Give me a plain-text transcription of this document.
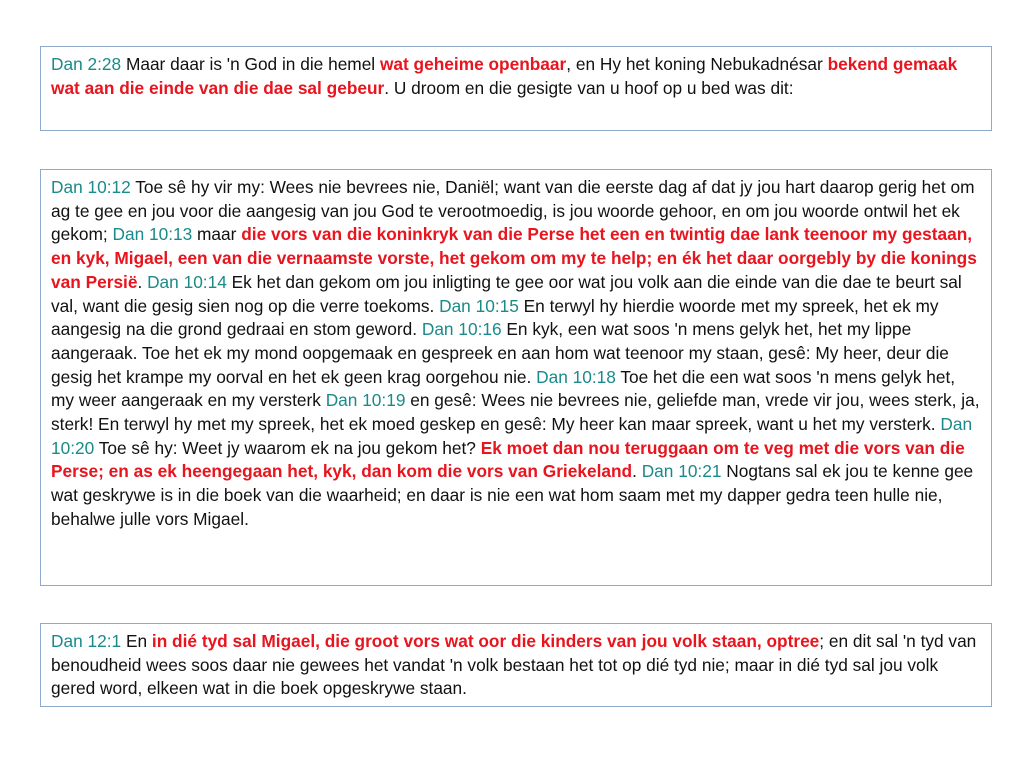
Dan 2:28 Maar daar is 'n God in die hemel wat geheime openbaar, en Hy het koning Nebukadnésar bekend gemaak wat aan die einde van die dae sal gebeur. U droom en die gesigte van u hoof op u bed was dit:
Dan 10:12 Toe sê hy vir my: Wees nie bevrees nie, Daniël; want van die eerste dag af dat jy jou hart daarop gerig het om ag te gee en jou voor die aangesig van jou God te verootmoedig, is jou woorde gehoor, en om jou woorde ontwil het ek gekom; Dan 10:13 maar die vors van die koninkryk van die Perse het een en twintig dae lank teenoor my gestaan, en kyk, Migael, een van die vernaamste vorste, het gekom om my te help; en ék het daar oorgebly by die konings van Persië. Dan 10:14 Ek het dan gekom om jou inligting te gee oor wat jou volk aan die einde van die dae te beurt sal val, want die gesig sien nog op die verre toekoms. Dan 10:15 En terwyl hy hierdie woorde met my spreek, het ek my aangesig na die grond gedraai en stom geword. Dan 10:16 En kyk, een wat soos 'n mens gelyk het, het my lippe aangeraak. Toe het ek my mond oopgemaak en gespreek en aan hom wat teenoor my staan, gesê: My heer, deur die gesig het krampe my oorval en het ek geen krag oorgehou nie. Dan 10:18 Toe het die een wat soos 'n mens gelyk het, my weer aangeraak en my versterk Dan 10:19 en gesê: Wees nie bevrees nie, geliefde man, vrede vir jou, wees sterk, ja, sterk! En terwyl hy met my spreek, het ek moed geskep en gesê: My heer kan maar spreek, want u het my versterk. Dan 10:20 Toe sê hy: Weet jy waarom ek na jou gekom het? Ek moet dan nou teruggaan om te veg met die vors van die Perse; en as ek heengegaan het, kyk, dan kom die vors van Griekeland. Dan 10:21 Nogtans sal ek jou te kenne gee wat geskrywe is in die boek van die waarheid; en daar is nie een wat hom saam met my dapper gedra teen hulle nie, behalwe julle vors Migael.
Dan 12:1 En in dié tyd sal Migael, die groot vors wat oor die kinders van jou volk staan, optree; en dit sal 'n tyd van benoudheid wees soos daar nie gewees het vandat 'n volk bestaan het tot op dié tyd nie; maar in dié tyd sal jou volk gered word, elkeen wat in die boek opgeskrywe staan.
